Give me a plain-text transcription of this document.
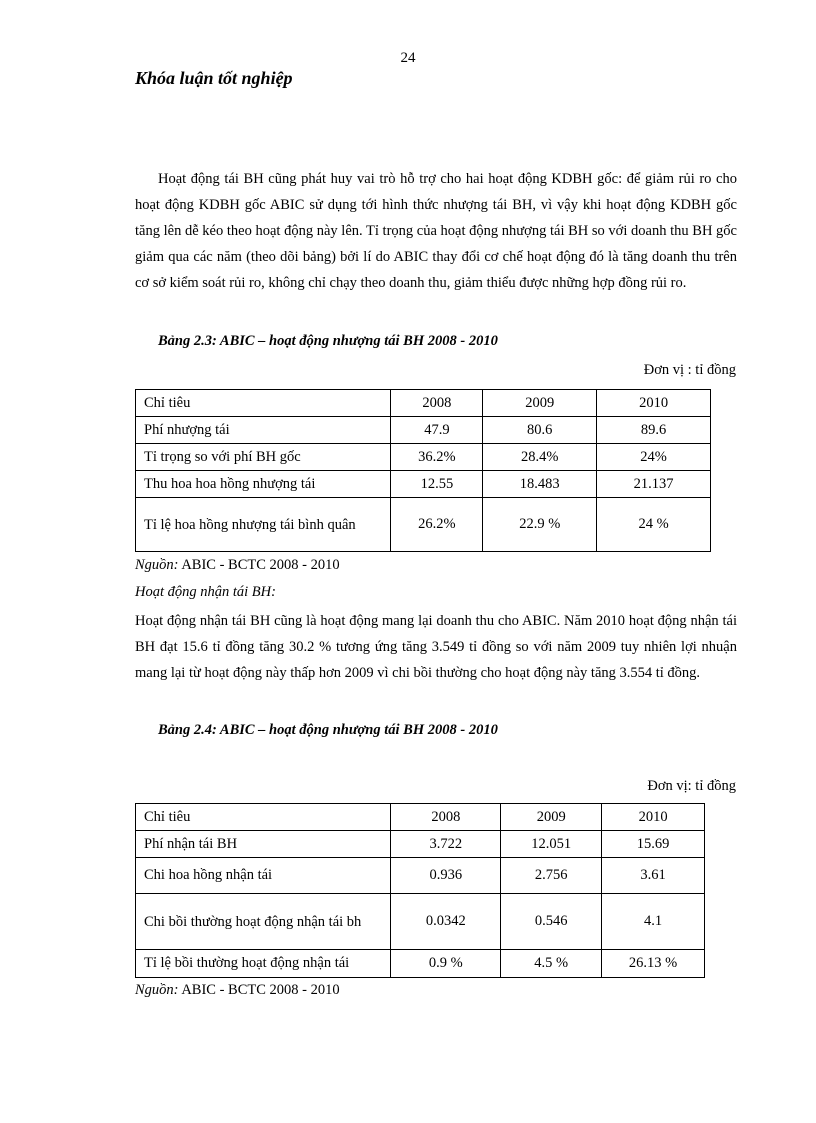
24
Khóa luận tốt nghiệp

Hoạt động tái BH cũng phát huy vai trò hỗ trợ cho hai hoạt động KDBH gốc: để giảm rủi ro cho hoạt động KDBH gốc ABIC sử dụng tới hình thức nhượng tái BH, vì vậy khi hoạt động KDBH gốc tăng lên dễ kéo theo hoạt động này lên. Tỉ trọng của hoạt động nhượng tái BH so với doanh thu BH gốc giảm qua các năm (theo dõi bảng) bởi lí do ABIC thay đổi cơ chế hoạt động đó là tăng doanh thu trên cơ sở kiểm soát rủi ro, không chỉ chạy theo doanh thu, giảm thiểu được những hợp đồng rủi ro.

Bảng 2.3: ABIC – hoạt động nhượng tái BH 2008 - 2010
Đơn vị : tỉ đồng
Chỉ tiêu	2008	2009	2010
Phí nhượng tái	47.9	80.6	89.6
Tỉ trọng so với phí BH gốc	36.2%	28.4%	24%
Thu hoa hoa hồng nhượng tái	12.55	18.483	21.137
Tỉ lệ hoa hồng nhượng tái bình quân	26.2%	22.9 %	24 %
Nguồn: ABIC - BCTC 2008 - 2010
Hoạt động nhận tái BH:

Hoạt động nhận tái BH cũng là hoạt động mang lại doanh thu cho ABIC. Năm 2010 hoạt động nhận tái BH đạt 15.6 tỉ đồng tăng 30.2 % tương ứng tăng 3.549 tỉ đồng so với năm 2009 tuy nhiên lợi nhuận mang lại từ hoạt động này thấp hơn 2009 vì chi bồi thường cho hoạt động này tăng 3.554 tỉ đồng.

Bảng 2.4: ABIC – hoạt động nhượng tái BH 2008 - 2010
Đơn vị: tỉ đồng
Chỉ tiêu	2008	2009	2010
Phí nhận tái BH	3.722	12.051	15.69
Chi hoa hồng nhận tái	0.936	2.756	3.61
Chi bồi thường hoạt động nhận tái bh	0.0342	0.546	4.1
Tỉ lệ bồi thường hoạt động nhận tái	0.9 %	4.5 %	26.13 %
Nguồn: ABIC - BCTC 2008 - 2010
